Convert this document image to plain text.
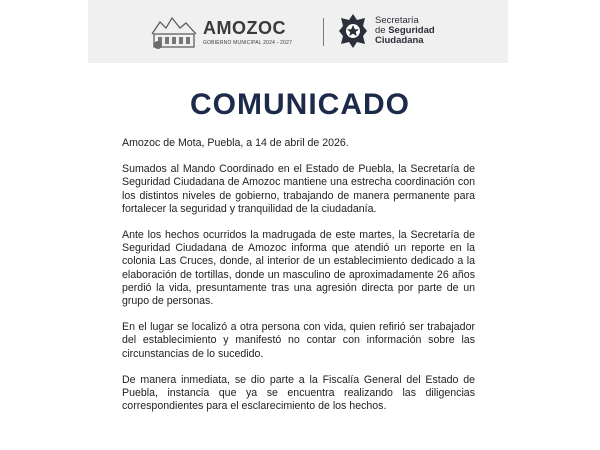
AMOZOC
GOBIERNO MUNICIPAL 2024 - 2027
Secretaría
de Seguridad
Ciudadana
COMUNICADO

Amozoc de Mota, Puebla, a 14 de abril de 2026.

Sumados al Mando Coordinado en el Estado de Puebla, la Secretaría de Seguridad Ciudadana de Amozoc mantiene una estrecha coordinación con los distintos niveles de gobierno, trabajando de manera permanente para fortalecer la seguridad y tranquilidad de la ciudadanía.

Ante los hechos ocurridos la madrugada de este martes, la Secretaría de Seguridad Ciudadana de Amozoc informa que atendió un reporte en la colonia Las Cruces, donde, al interior de un establecimiento dedicado a la elaboración de tortillas, donde un masculino de aproximadamente 26 años perdió la vida, presuntamente tras una agresión directa por parte de un grupo de personas.

En el lugar se localizó a otra persona con vida, quien refirió ser trabajador del establecimiento y manifestó no contar con información sobre las circunstancias de lo sucedido.

De manera inmediata, se dio parte a la Fiscalía General del Estado de Puebla, instancia que ya se encuentra realizando las diligencias correspondientes para el esclarecimiento de los hechos.
